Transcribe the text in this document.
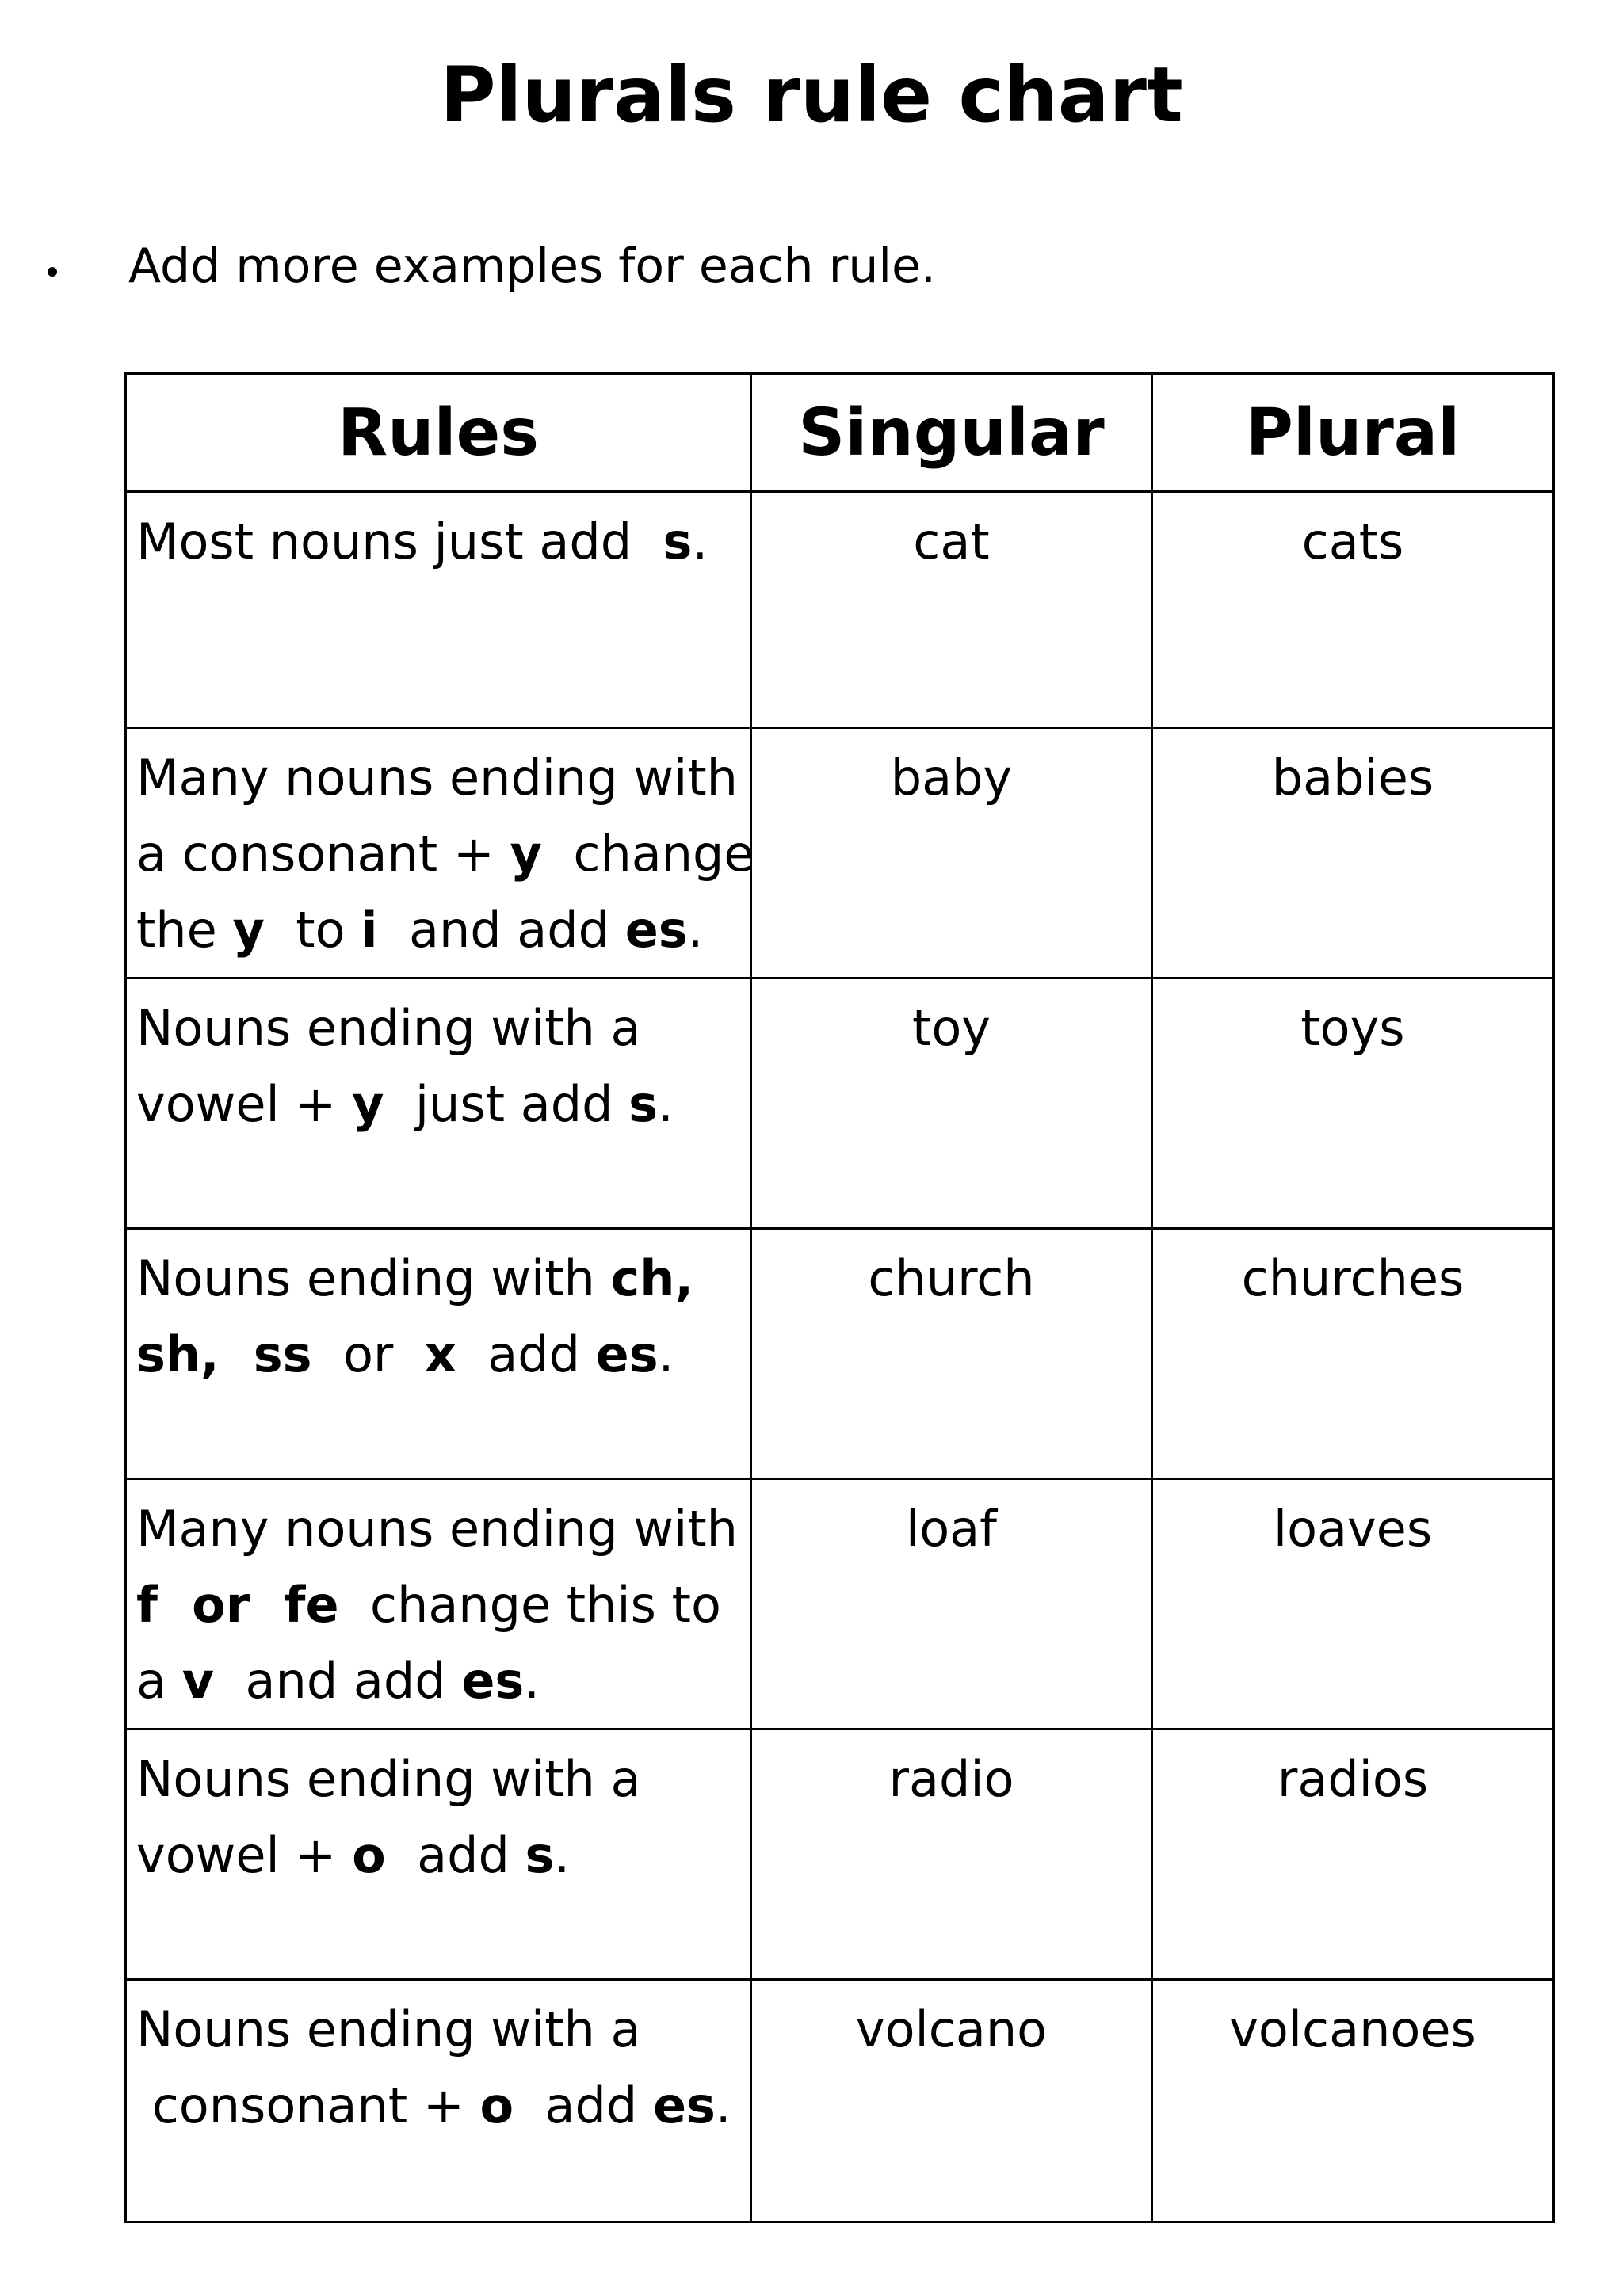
Plurals rule chart
Add more examples for each rule.
Rules	Singular	Plural

Most nouns just add  s.	cat	cats

Many nouns ending with
a consonant + y  change
the y  to i  and add es.	baby	babies

Nouns ending with a
vowel + y  just add s.	toy	toys

Nouns ending with ch,
sh,  ss  or  x  add es.	church	churches

Many nouns ending with
f  or  fe  change this to
a v  and add es.	loaf	loaves

Nouns ending with a
vowel + o  add s.	radio	radios

Nouns ending with a
consonant + o  add es.	volcano	volcanoes
